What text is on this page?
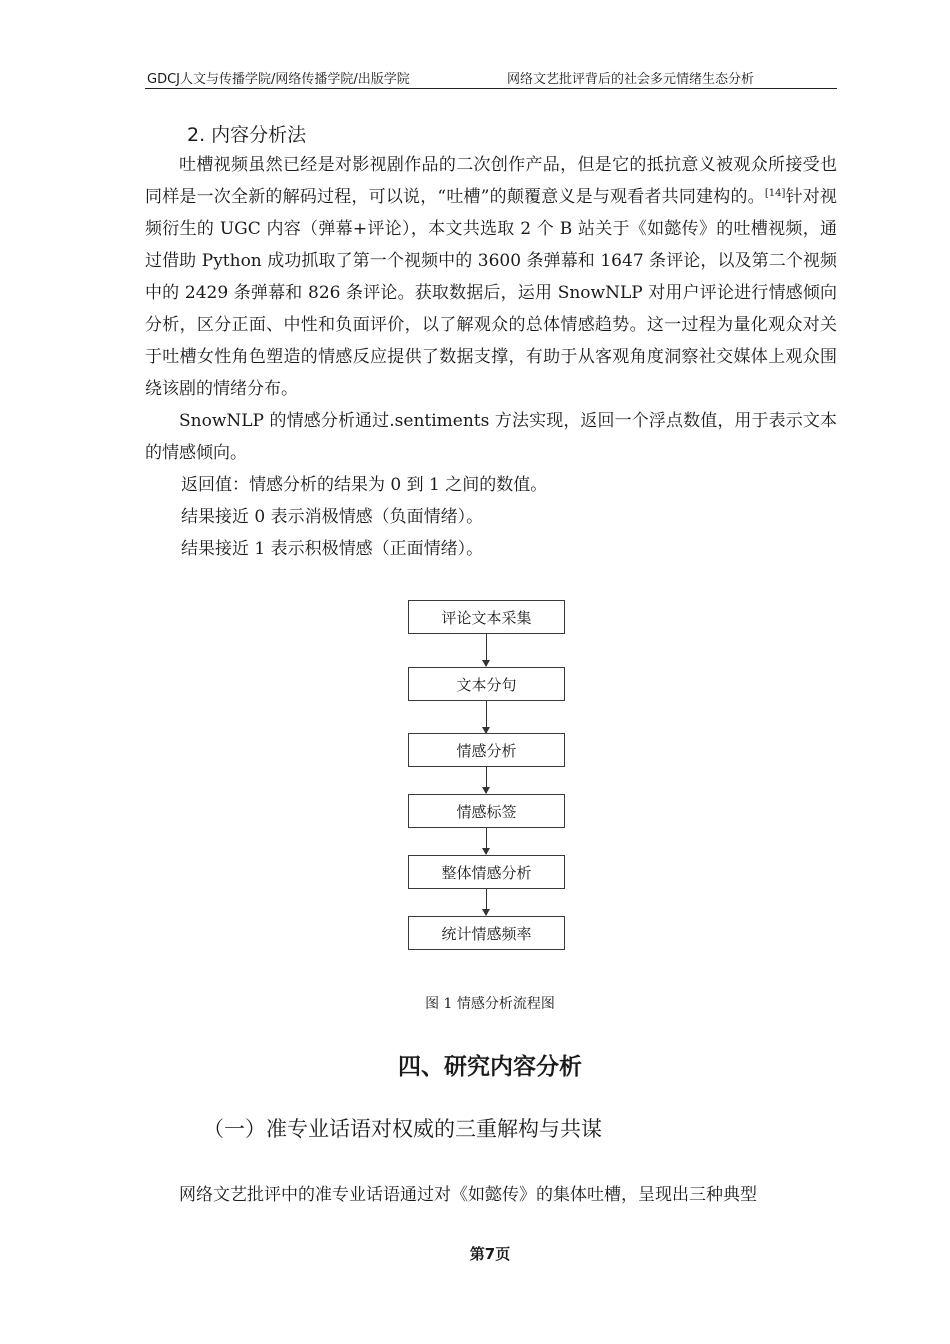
GDCJ人文与传播学院/网络传播学院/出版学院	网络文艺批评背后的社会多元情绪生态分析
2. 内容分析法

吐槽视频虽然已经是对影视剧作品的二次创作产品，但是它的抵抗意义被观众所接受也同样是一次全新的解码过程，可以说，“吐槽”的颠覆意义是与观看者共同建构的。[14]针对视频衍生的 UGC 内容（弹幕+评论），本文共选取 2 个 B 站关于《如懿传》的吐槽视频，通过借助 Python 成功抓取了第一个视频中的 3600 条弹幕和 1647 条评论，以及第二个视频中的 2429 条弹幕和 826 条评论。获取数据后，运用 SnowNLP 对用户评论进行情感倾向分析，区分正面、中性和负面评价，以了解观众的总体情感趋势。这一过程为量化观众对关于吐槽女性角色塑造的情感反应提供了数据支撑，有助于从客观角度洞察社交媒体上观众围绕该剧的情绪分布。

SnowNLP 的情感分析通过.sentiments 方法实现，返回一个浮点数值，用于表示文本的情感倾向。

返回值：情感分析的结果为 0 到 1 之间的数值。

结果接近 0 表示消极情感（负面情绪）。

结果接近 1 表示积极情感（正面情绪）。

评论文本采集
文本分句
情感分析
情感标签
整体情感分析
统计情感频率
图 1 情感分析流程图
四、研究内容分析
（一）准专业话语对权威的三重解构与共谋

网络文艺批评中的准专业话语通过对《如懿传》的集体吐槽，呈现出三种典型

第7页
